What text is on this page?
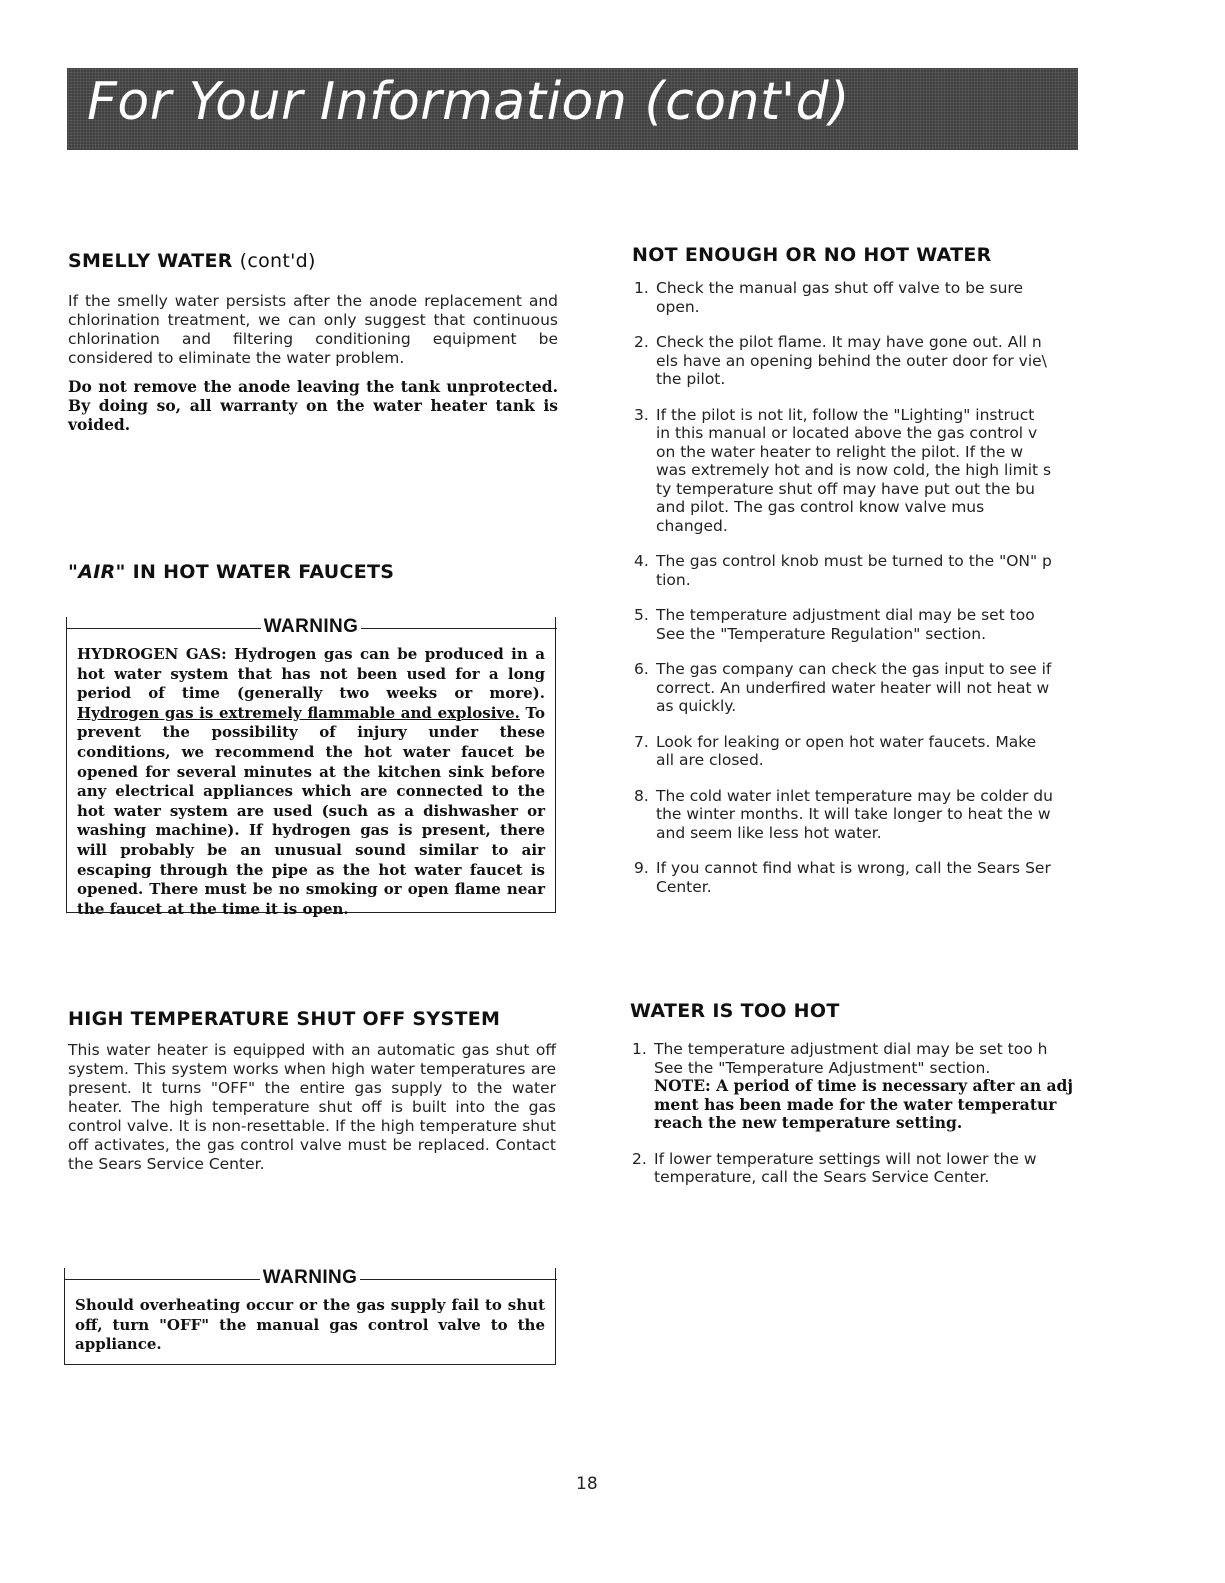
For Your Information (cont'd)
SMELLY WATER (cont'd)

If the smelly water persists after the anode replacement and chlorination treatment, we can only suggest that continuous chlorination and filtering conditioning equipment be considered to eliminate the water problem.

Do not remove the anode leaving the tank unprotected. By doing so, all warranty on the water heater tank is voided.

"AIR" IN HOT WATER FAUCETS
WARNING
HYDROGEN GAS: Hydrogen gas can be produced in a hot water system that has not been used for a long period of time (generally two weeks or more). Hydrogen gas is extremely flammable and explosive. To prevent the possibility of injury under these conditions, we recommend the hot water faucet be opened for several minutes at the kitchen sink before any electrical appliances which are connected to the hot water system are used (such as a dishwasher or washing machine). If hydrogen gas is present, there will probably be an unusual sound similar to air escaping through the pipe as the hot water faucet is opened. There must be no smoking or open flame near the faucet at the time it is open.
HIGH TEMPERATURE SHUT OFF SYSTEM

This water heater is equipped with an automatic gas shut off system. This system works when high water temperatures are present. It turns "OFF" the entire gas supply to the water heater. The high temperature shut off is built into the gas control valve. It is non-resettable. If the high temperature shut off activates, the gas control valve must be replaced. Contact the Sears Service Center.

WARNING
Should overheating occur or the gas supply fail to shut off, turn "OFF" the manual gas control valve to the appliance.
NOT ENOUGH OR NO HOT WATER
1. Check the manual gas shut off valve to be sure
open.
2. Check the pilot flame. It may have gone out. All n
els have an opening behind the outer door for vie\
the pilot.
3. If the pilot is not lit, follow the "Lighting" instruct
in this manual or located above the gas control v
on the water heater to relight the pilot. If the w
was extremely hot and is now cold, the high limit s
ty temperature shut off may have put out the bu
and pilot. The gas control know valve mus
changed.
4. The gas control knob must be turned to the "ON" p
tion.
5. The temperature adjustment dial may be set too
See the "Temperature Regulation" section.
6. The gas company can check the gas input to see if
correct. An underfired water heater will not heat w
as quickly.
7. Look for leaking or open hot water faucets. Make
all are closed.
8. The cold water inlet temperature may be colder du
the winter months. It will take longer to heat the w
and seem like less hot water.
9. If you cannot find what is wrong, call the Sears Ser
Center.
WATER IS TOO HOT
1. The temperature adjustment dial may be set too h
See the "Temperature Adjustment" section.
NOTE: A period of time is necessary after an adj
ment has been made for the water temperatur
reach the new temperature setting.
2. If lower temperature settings will not lower the w
temperature, call the Sears Service Center.
18
